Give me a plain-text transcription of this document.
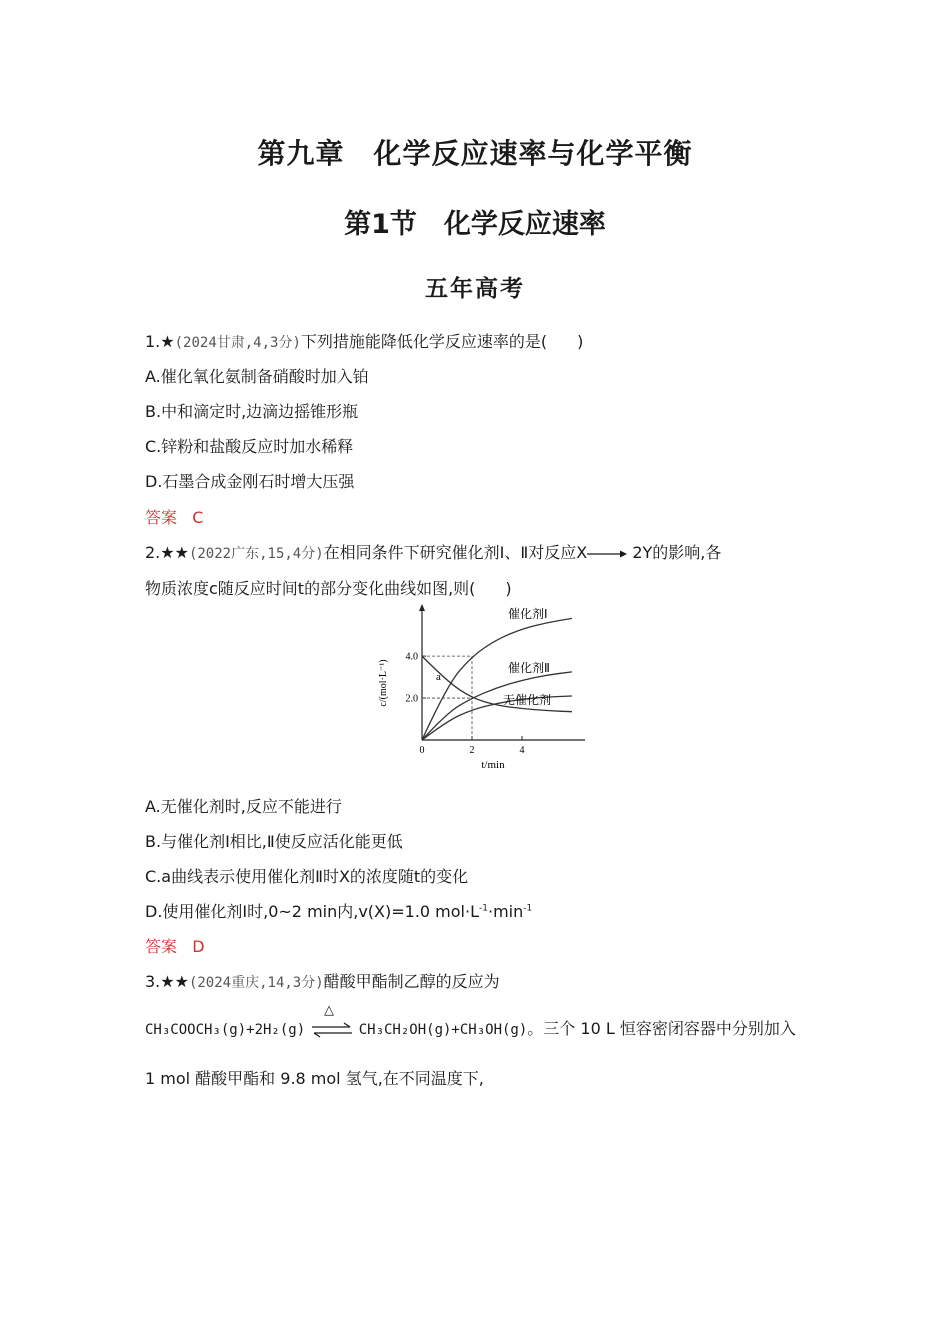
第九章　化学反应速率与化学平衡
第1节　化学反应速率
五年高考
1.★(2024甘肃,4,3分)下列措施能降低化学反应速率的是( )
A.催化氧化氨制备硝酸时加入铂
B.中和滴定时,边滴边摇锥形瓶
C.锌粉和盐酸反应时加水稀释
D.石墨合成金刚石时增大压强
答案 C
2.★★(2022广东,15,4分)在相同条件下研究催化剂Ⅰ、Ⅱ对反应X→ 2Y的影响,各
物质浓度c随反应时间t的部分变化曲线如图,则( )
0	2	4
2.0
4.0
t/min
c/(mol·L⁻¹)
催化剂Ⅰ
催化剂Ⅱ
无催化剂
a
A.无催化剂时,反应不能进行
B.与催化剂Ⅰ相比,Ⅱ使反应活化能更低
C.a曲线表示使用催化剂Ⅱ时X的浓度随t的变化
D.使用催化剂Ⅰ时,0~2 min内,v(X)=1.0 $mol\cdot L^{-1}\cdot\min^{-1}$
答案 D
3.★★(2024重庆,14,3分)醋酸甲酯制乙醇的反应为
CH₃COOCH₃(g)+2H₂(g)
△
CH₃CH₂OH(g)+CH₃OH(g)。三个 10 L 恒容密闭容器中分别加入
1 mol 醋酸甲酯和 9.8 mol 氢气,在不同温度下,
